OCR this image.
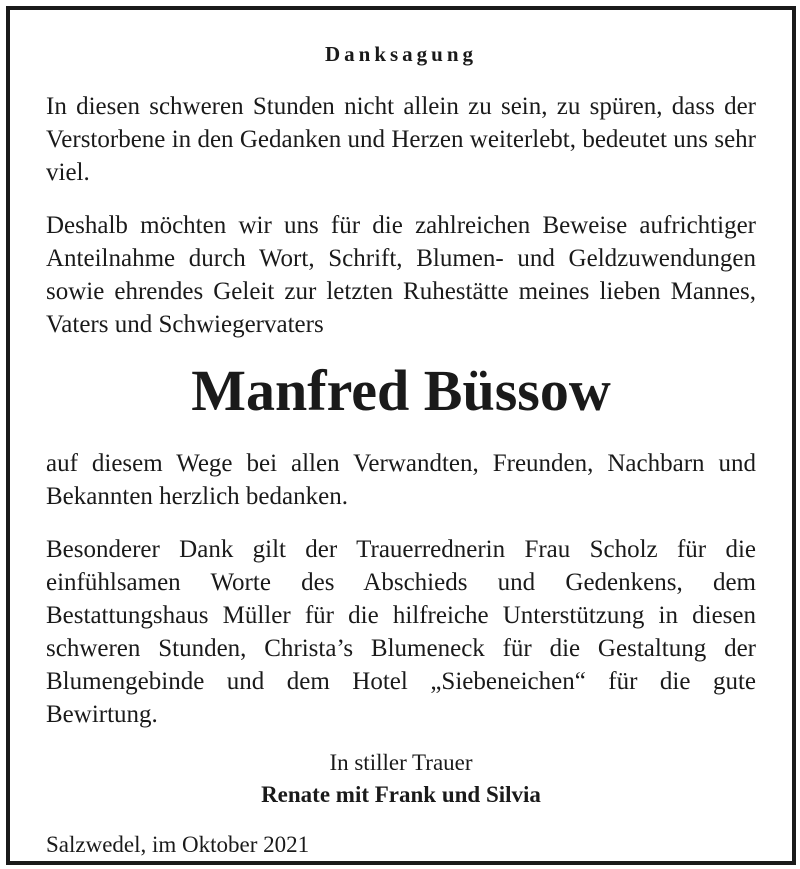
Danksagung

In diesen schweren Stunden nicht allein zu sein, zu spüren, dass der Verstorbene in den Gedanken und Herzen weiterlebt, bedeutet uns sehr viel.

Deshalb möchten wir uns für die zahlreichen Beweise aufrichtiger Anteilnahme durch Wort, Schrift, Blumen- und Geldzuwendungen sowie ehrendes Geleit zur letzten Ruhestätte meines lieben Mannes, Vaters und Schwiegervaters

Manfred Büssow

auf diesem Wege bei allen Verwandten, Freunden, Nachbarn und Bekannten herzlich bedanken.

Besonderer Dank gilt der Trauerrednerin Frau Scholz für die einfühlsamen Worte des Abschieds und Gedenkens, dem Bestattungshaus Müller für die hilfreiche Unterstützung in diesen schweren Stunden, Christa’s Blumeneck für die Gestaltung der Blumengebinde und dem Hotel „Siebeneichen“ für die gute Bewirtung.

In stiller Trauer
Renate mit Frank und Silvia
Salzwedel, im Oktober 2021
